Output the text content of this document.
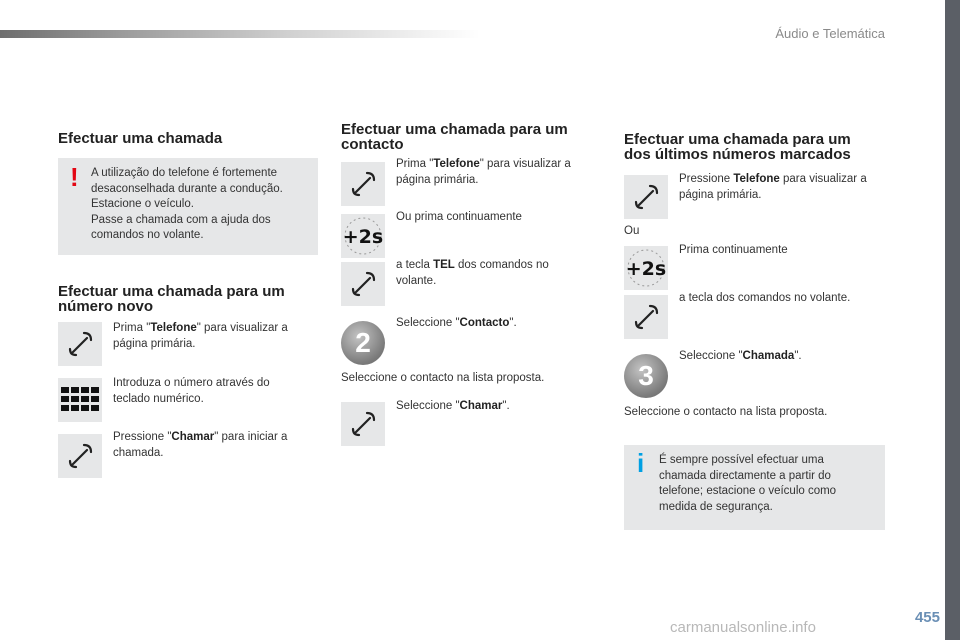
Áudio e Telemática
455
carmanualsonline.info
Efectuar uma chamada
! A utilização do telefone é fortemente
desaconselhada durante a condução.
Estacione o veículo.
Passe a chamada com a ajuda dos
comandos no volante.
Efectuar uma chamada para um
número novo
Prima "Telefone" para visualizar a
página primária.
Introduza o número através do
teclado numérico.
Pressione "Chamar" para iniciar a
chamada.
Efectuar uma chamada para um
contacto
Prima "Telefone" para visualizar a
página primária.
+2s
Ou prima continuamente
a tecla TEL dos comandos no
volante.
2
Seleccione "Contacto".
Seleccione o contacto na lista proposta.
Seleccione "Chamar".
Efectuar uma chamada para um
dos últimos números marcados
Pressione Telefone para visualizar a
página primária.
Ou
+2s
Prima continuamente
a tecla dos comandos no volante.
3
Seleccione "Chamada".
Seleccione o contacto na lista proposta.
i É sempre possível efectuar uma
chamada directamente a partir do
telefone; estacione o veículo como
medida de segurança.
